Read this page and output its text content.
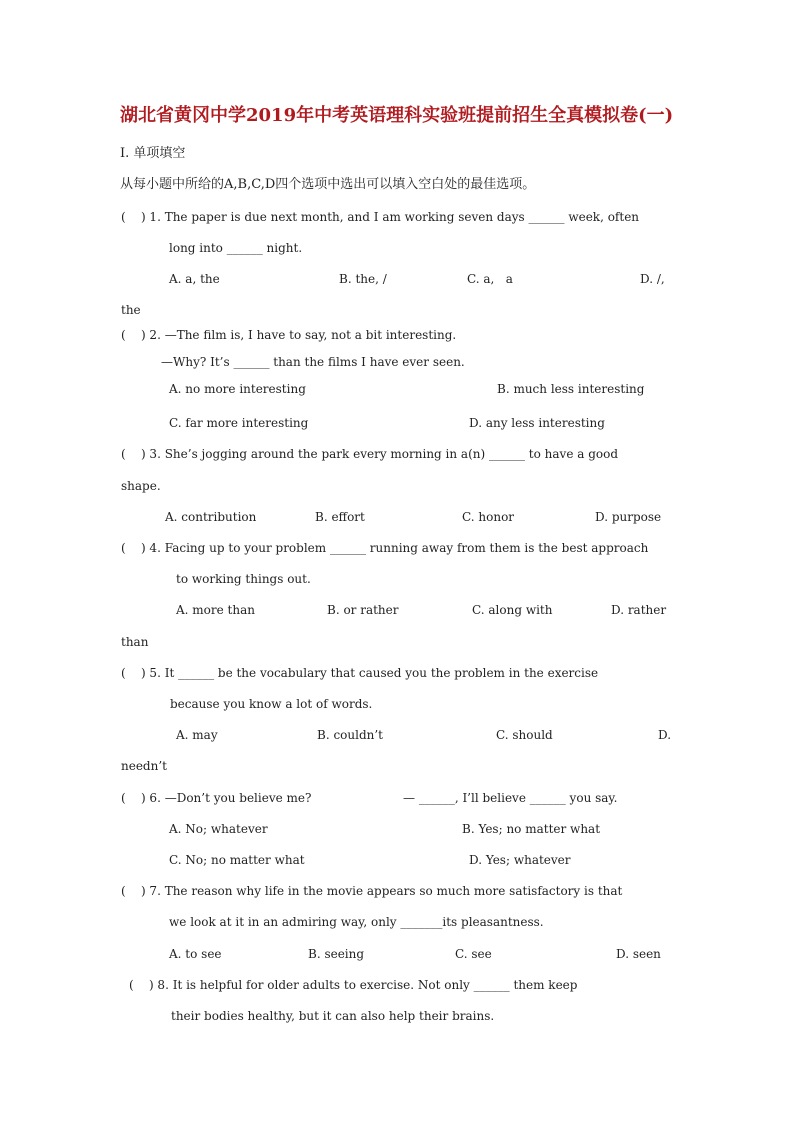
湖北省黄冈中学2019年中考英语理科实验班提前招生全真模拟卷(一)
I. 单项填空
从每小题中所给的A,B,C,D四个选项中选出可以填入空白处的最佳选项。
(    ) 1. The paper is due next month, and I am working seven days ______ week, often
long into ______ night.
A. a, the	B. the, /	C. a,   a	D. /,
the
(    ) 2. —The film is, I have to say, not a bit interesting.
—Why? It’s ______ than the films I have ever seen.
A. no more interesting	B. much less interesting
C. far more interesting	D. any less interesting
(    ) 3. She’s jogging around the park every morning in a(n) ______ to have a good
shape.
A. contribution	B. effort	C. honor	D. purpose
(    ) 4. Facing up to your problem ______ running away from them is the best approach
to working things out.
A. more than	B. or rather	C. along with	D. rather
than
(    ) 5. It ______ be the vocabulary that caused you the problem in the exercise
because you know a lot of words.
A. may	B. couldn’t	C. should	D.
needn’t
(    ) 6. —Don’t you believe me?	— ______, I’ll believe ______ you say.
A. No; whatever	B. Yes; no matter what
C. No; no matter what	D. Yes; whatever
(    ) 7. The reason why life in the movie appears so much more satisfactory is that
we look at it in an admiring way, only _______its pleasantness.
A. to see	B. seeing	C. see	D. seen
(    ) 8. It is helpful for older adults to exercise. Not only ______ them keep
their bodies healthy, but it can also help their brains.
